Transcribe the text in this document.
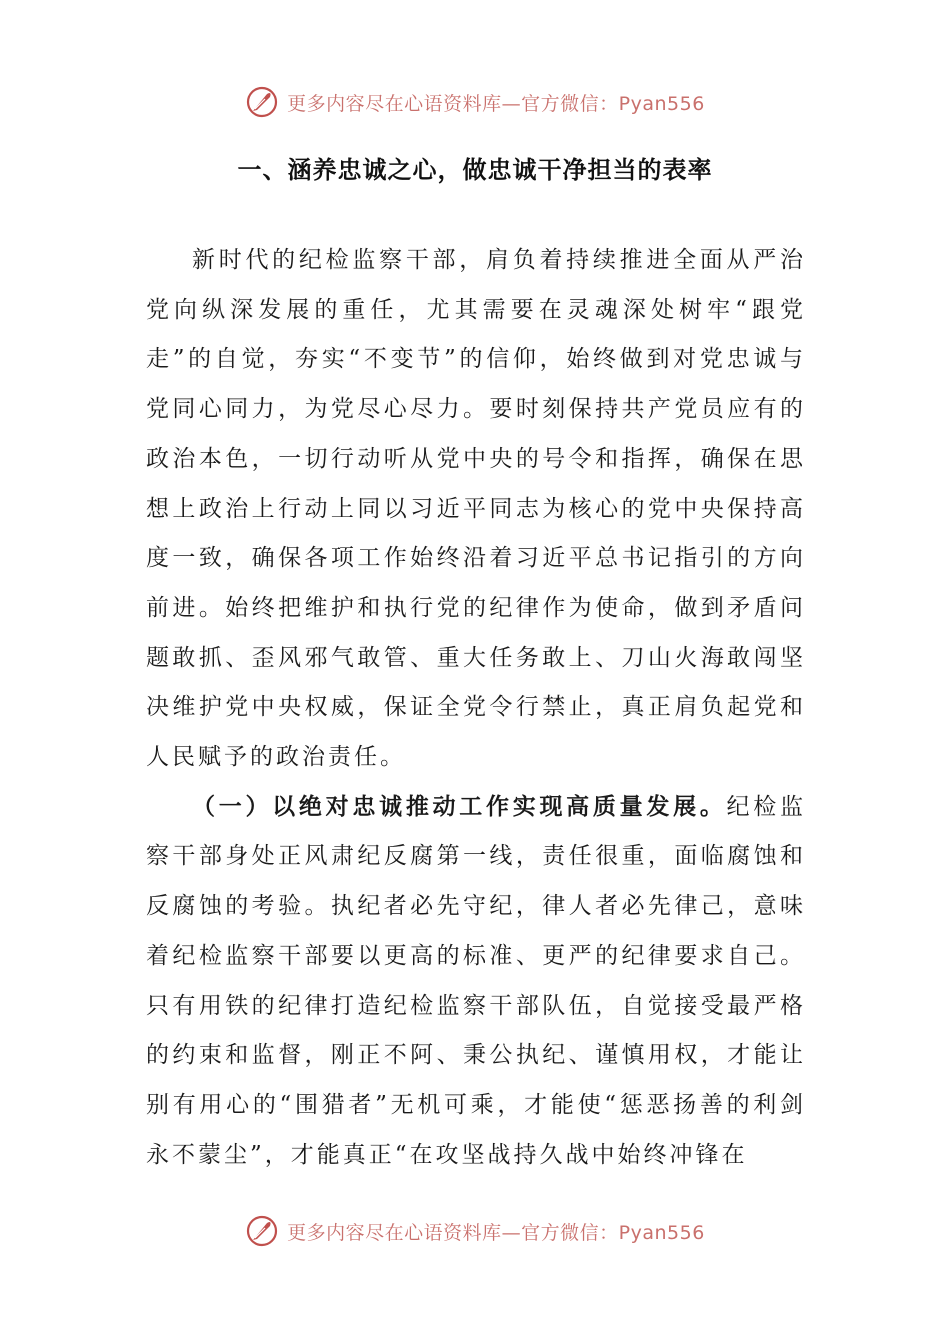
更多内容尽在心语资料库—官方微信：Pyan556
一、涵养忠诚之心，做忠诚干净担当的表率

新时代的纪检监察干部，肩负着持续推进全面从严治党向纵深发展的重任，尤其需要在灵魂深处树牢“跟党走”的自觉，夯实“不变节”的信仰，始终做到对党忠诚与党同心同力，为党尽心尽力。要时刻保持共产党员应有的政治本色，一切行动听从党中央的号令和指挥，确保在思想上政治上行动上同以习近平同志为核心的党中央保持高度一致，确保各项工作始终沿着习近平总书记指引的方向前进。始终把维护和执行党的纪律作为使命，做到矛盾问题敢抓、歪风邪气敢管、重大任务敢上、刀山火海敢闯坚决维护党中央权威，保证全党令行禁止，真正肩负起党和人民赋予的政治责任。

（一）以绝对忠诚推动工作实现高质量发展。纪检监察干部身处正风肃纪反腐第一线，责任很重，面临腐蚀和反腐蚀的考验。执纪者必先守纪，律人者必先律己，意味着纪检监察干部要以更高的标准、更严的纪律要求自己。只有用铁的纪律打造纪检监察干部队伍，自觉接受最严格的约束和监督，刚正不阿、秉公执纪、谨慎用权，才能让别有用心的“围猎者”无机可乘，才能使“惩恶扬善的利剑永不蒙尘”，才能真正“在攻坚战持久战中始终冲锋在

更多内容尽在心语资料库—官方微信：Pyan556
